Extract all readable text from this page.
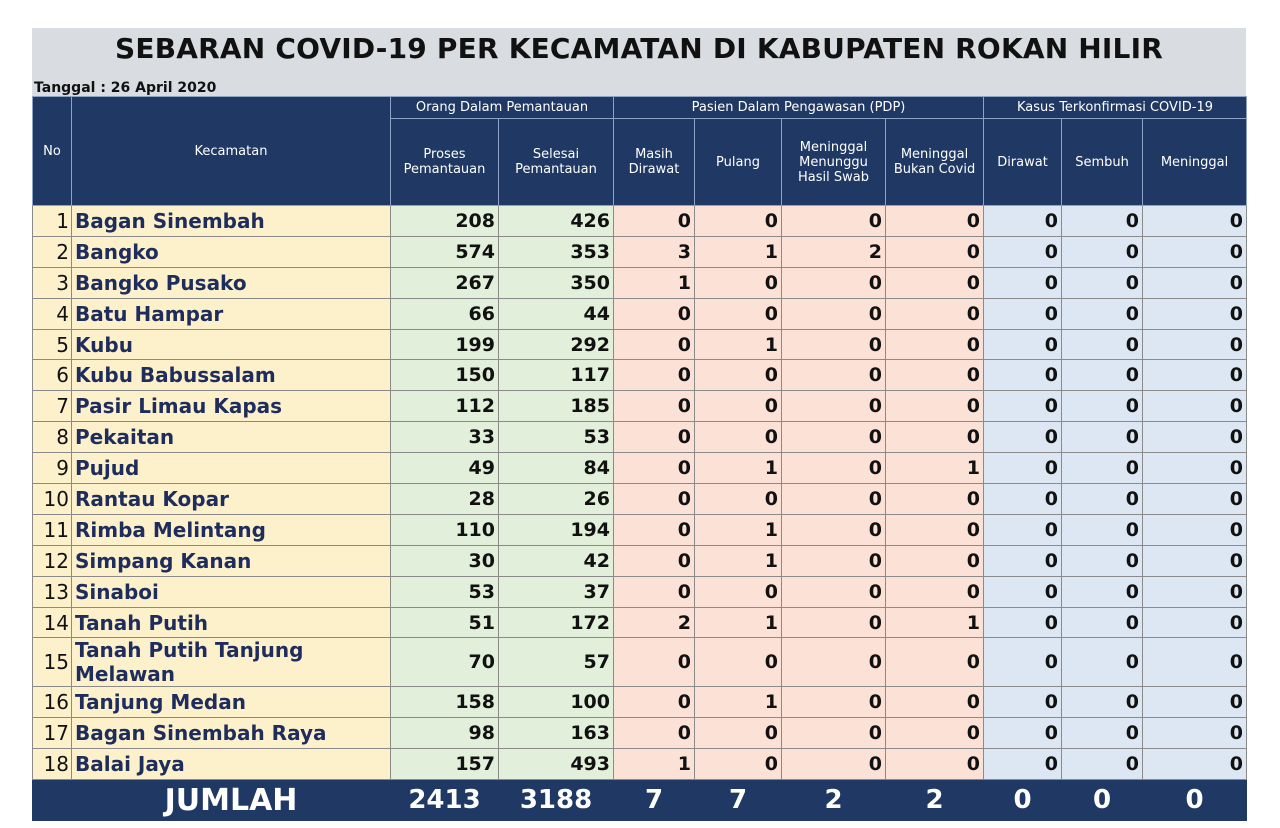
SEBARAN COVID-19 PER KECAMATAN DI KABUPATEN ROKAN HILIR
Tanggal : 26 April 2020
No	Kecamatan	Orang Dalam Pemantauan		Pasien Dalam Pengawasan (PDP)				Kasus Terkonfirmasi COVID-19		
		Proses Pemantauan	Selesai Pemantauan	Masih Dirawat	Pulang	Meninggal Menunggu Hasil Swab	Meninggal Bukan Covid	Dirawat	Sembuh	Meninggal
1	Bagan Sinembah	208	426	0	0	0	0	0	0	0
2	Bangko	574	353	3	1	2	0	0	0	0
3	Bangko Pusako	267	350	1	0	0	0	0	0	0
4	Batu Hampar	66	44	0	0	0	0	0	0	0
5	Kubu	199	292	0	1	0	0	0	0	0
6	Kubu Babussalam	150	117	0	0	0	0	0	0	0
7	Pasir Limau Kapas	112	185	0	0	0	0	0	0	0
8	Pekaitan	33	53	0	0	0	0	0	0	0
9	Pujud	49	84	0	1	0	1	0	0	0
10	Rantau Kopar	28	26	0	0	0	0	0	0	0
11	Rimba Melintang	110	194	0	1	0	0	0	0	0
12	Simpang Kanan	30	42	0	1	0	0	0	0	0
13	Sinaboi	53	37	0	0	0	0	0	0	0
14	Tanah Putih	51	172	2	1	0	1	0	0	0
15	Tanah Putih Tanjung Melawan	70	57	0	0	0	0	0	0	0
16	Tanjung Medan	158	100	0	1	0	0	0	0	0
17	Bagan Sinembah Raya	98	163	0	0	0	0	0	0	0
18	Balai Jaya	157	493	1	0	0	0	0	0	0
	JUMLAH	2413	3188	7	7	2	2	0	0	0
